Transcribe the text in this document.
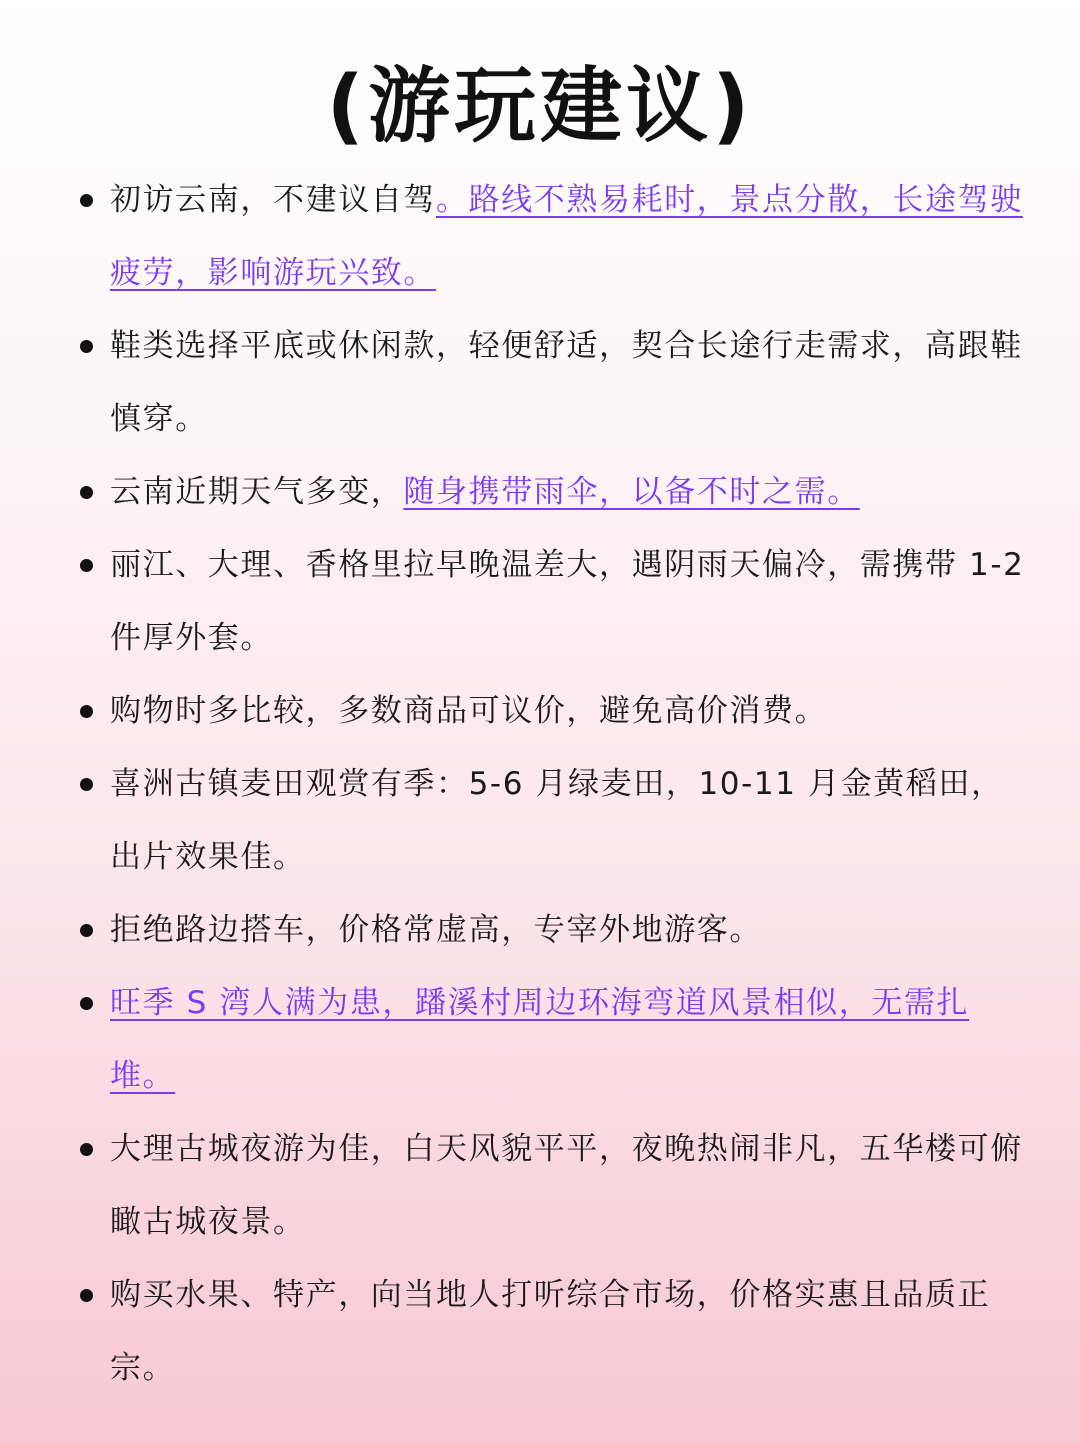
(游玩建议)
初访云南，不建议自驾。路线不熟易耗时，景点分散，长途驾驶疲劳，影响游玩兴致。
鞋类选择平底或休闲款，轻便舒适，契合长途行走需求，高跟鞋慎穿。
云南近期天气多变，随身携带雨伞，以备不时之需。
丽江、大理、香格里拉早晚温差大，遇阴雨天偏冷，需携带 1-2 件厚外套。
购物时多比较，多数商品可议价，避免高价消费。
喜洲古镇麦田观赏有季：5-6 月绿麦田，10-11 月金黄稻田，出片效果佳。
拒绝路边搭车，价格常虚高，专宰外地游客。
旺季 S 湾人满为患，蹯溪村周边环海弯道风景相似，无需扎堆。
大理古城夜游为佳，白天风貌平平，夜晚热闹非凡，五华楼可俯瞰古城夜景。
购买水果、特产，向当地人打听综合市场，价格实惠且品质正宗。
